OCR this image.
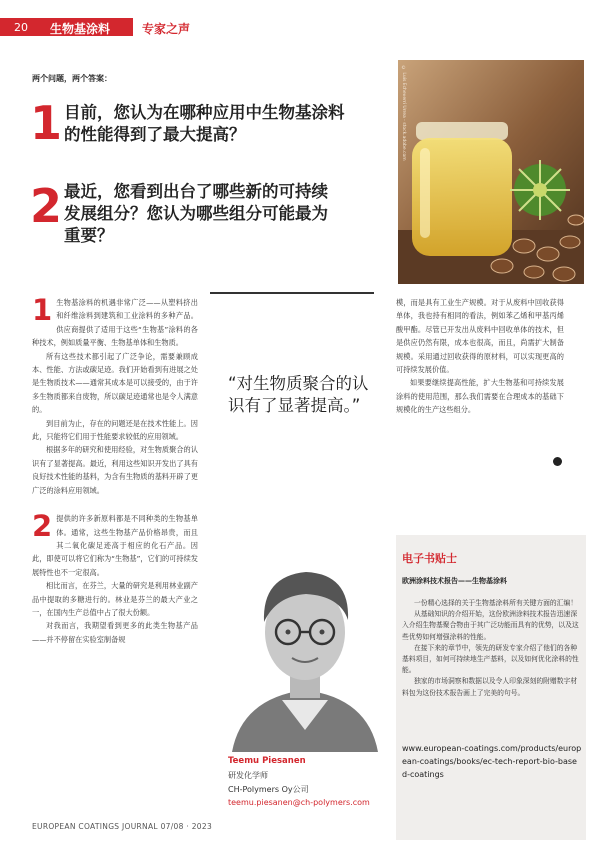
20 生物基涂料	专家之声
两个问题，两个答案：
1 目前，您认为在哪种应用中生物基涂料
的性能得到了最大提高？
2 最近，您看到出台了哪些新的可持续
发展组分？您认为哪些组分可能最为
重要？
© Luis Echeverri Urrea - stock.adobe.com

1 生物基涂料的机遇非常广泛——从塑料挤出和纤维涂料到建筑和工业涂料的多种产品。供应商提供了适用于这些“生物基”涂料的各种技术，例如质量平衡、生物基单体和生物质。

所有这些技术都引起了广泛争论，需要兼顾成本、性能、方法或碳足迹。我们开始看到有进展之处是生物质技术——通常其成本是可以接受的，由于许多生物质都来自废物，所以碳足迹通常也是令人满意的。

到目前为止，存在的问题还是在技术性能上。因此，只能将它们用于性能要求较低的应用领域。

根据多年的研究和使用经验，对生物质聚合的认识有了显著提高。最近，利用这些知识开发出了具有良好技术性能的基料，为含有生物质的基料开辟了更广泛的涂料应用领域。

2 提供的许多新原料都是不同种类的生物基单体。通常，这些生物基产品价格昂贵，而且其二氧化碳足迹高于相应的化石产品。因此，即使可以将它们称为“生物基”，它们的可持续发展特性也不一定很高。

相比而言，在芬兰，大量的研究是利用林业副产品中提取的多糖进行的。林业是芬兰的最大产业之一，在国内生产总值中占了很大份额。

对我而言，我期望看到更多的此类生物基产品——并不停留在实验室制备规

“对生物质聚合的认识有了显著提高。”

模，而是具有工业生产规模。对于从废料中回收获得单体，我也持有相同的看法，例如苯乙烯和甲基丙烯酸甲酯。尽管已开发出从废料中回收单体的技术，但是供应仍然有限，成本也很高，而且，尚需扩大制备规模。采用通过回收获得的原材料，可以实现更高的可持续发展价值。

如果要继续提高性能，扩大生物基和可持续发展涂料的使用范围，那么我们需要在合理成本的基础下规模化的生产这些组分。

Teemu Piesanen
研发化学师
CH-Polymers Oy公司
teemu.piesanen@ch-polymers.com
电子书贴士
欧洲涂料技术报告——生物基涂料

一份精心选择的关于生物基涂料所有关键方面的汇编！

从基础知识的介绍开始，这份欧洲涂料技术报告迅速深入介绍生物基聚合物由于其广泛功能而具有的优势，以及这些优势如何增强涂料的性能。

在接下来的章节中，领先的研发专家介绍了他们的各种基料项目，如何可持续地生产基料，以及如何优化涂料的性能。

独家的市场洞察和数据以及令人印象深刻的附赠数字材料包为这份技术报告画上了完美的句号。

www.european-coatings.com/products/european-coatings/books/ec-tech-report-bio-based-coatings
EUROPEAN COATINGS JOURNAL 07/08 · 2023
